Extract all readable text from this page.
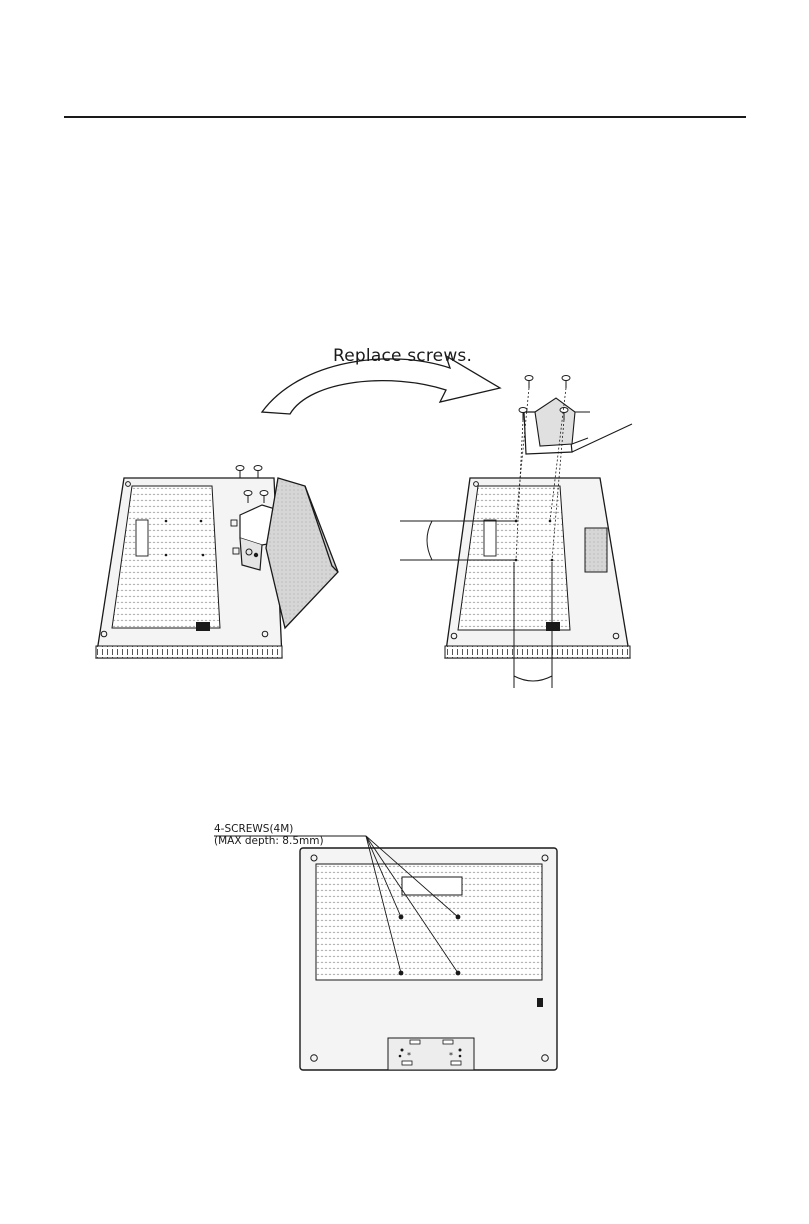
*	*
Replace screws.
4-SCREWS(4M)
(MAX depth: 8.5mm)
